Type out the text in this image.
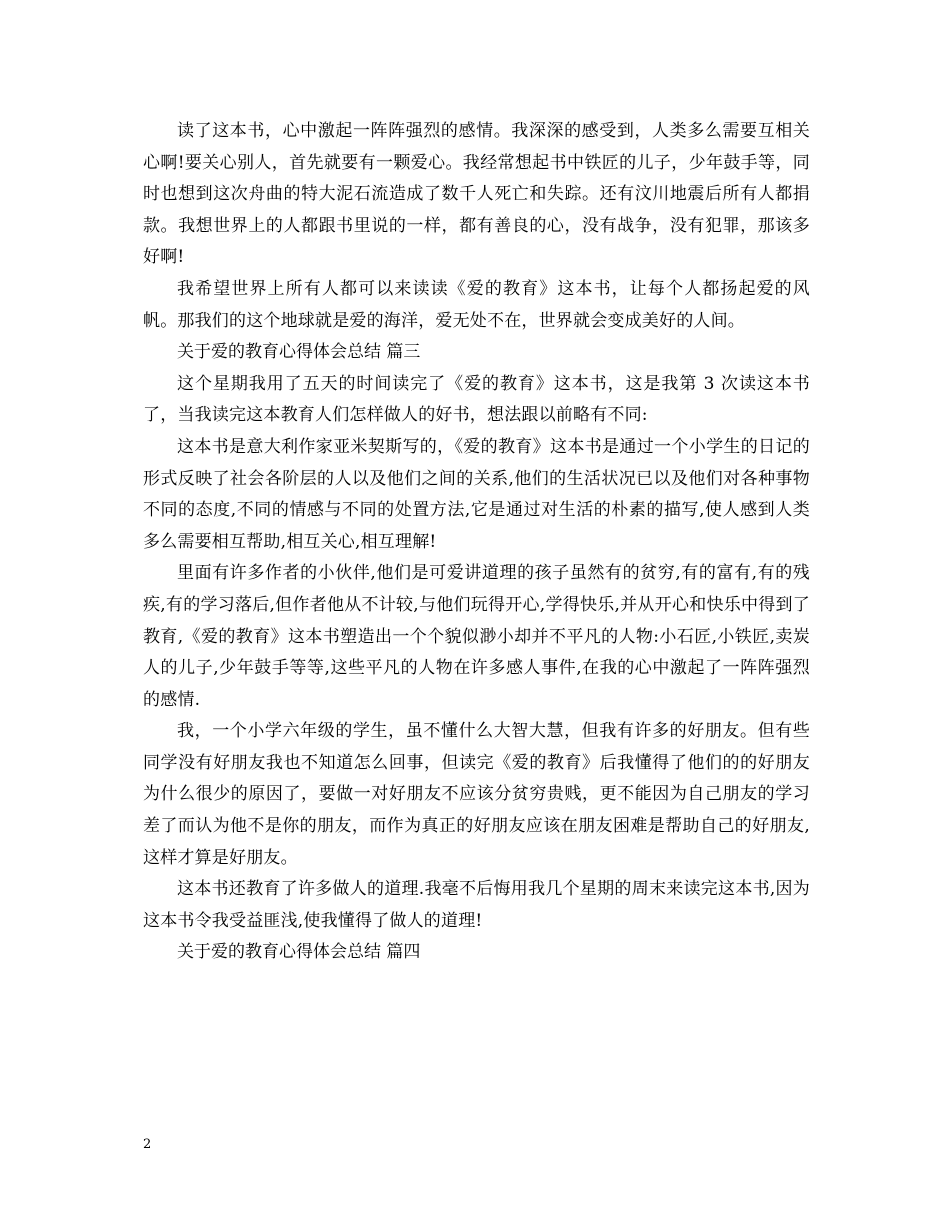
读了这本书，心中激起一阵阵强烈的感情。我深深的感受到，人类多么需要互相关心啊!要关心别人，首先就要有一颗爱心。我经常想起书中铁匠的儿子，少年鼓手等，同时也想到这次舟曲的特大泥石流造成了数千人死亡和失踪。还有汶川地震后所有人都捐款。我想世界上的人都跟书里说的一样，都有善良的心，没有战争，没有犯罪，那该多好啊!

我希望世界上所有人都可以来读读《爱的教育》这本书，让每个人都扬起爱的风帆。那我们的这个地球就是爱的海洋，爱无处不在，世界就会变成美好的人间。

关于爱的教育心得体会总结 篇三

这个星期我用了五天的时间读完了《爱的教育》这本书，这是我第 3 次读这本书了，当我读完这本教育人们怎样做人的好书，想法跟以前略有不同:

这本书是意大利作家亚米契斯写的，《爱的教育》这本书是通过一个小学生的日记的形式反映了社会各阶层的人以及他们之间的关系,他们的生活状况已以及他们对各种事物不同的态度,不同的情感与不同的处置方法,它是通过对生活的朴素的描写,使人感到人类多么需要相互帮助,相互关心,相互理解!

里面有许多作者的小伙伴,他们是可爱讲道理的孩子虽然有的贫穷,有的富有,有的残疾,有的学习落后,但作者他从不计较,与他们玩得开心,学得快乐,并从开心和快乐中得到了教育,《爱的教育》这本书塑造出一个个貌似渺小却并不平凡的人物:小石匠,小铁匠,卖炭人的儿子,少年鼓手等等,这些平凡的人物在许多感人事件,在我的心中激起了一阵阵强烈的感情.

我，一个小学六年级的学生，虽不懂什么大智大慧，但我有许多的好朋友。但有些同学没有好朋友我也不知道怎么回事，但读完《爱的教育》后我懂得了他们的的好朋友为什么很少的原因了，要做一对好朋友不应该分贫穷贵贱，更不能因为自己朋友的学习差了而认为他不是你的朋友，而作为真正的好朋友应该在朋友困难是帮助自己的好朋友,这样才算是好朋友。

这本书还教育了许多做人的道理.我毫不后悔用我几个星期的周末来读完这本书,因为这本书令我受益匪浅,使我懂得了做人的道理!

关于爱的教育心得体会总结 篇四

2
